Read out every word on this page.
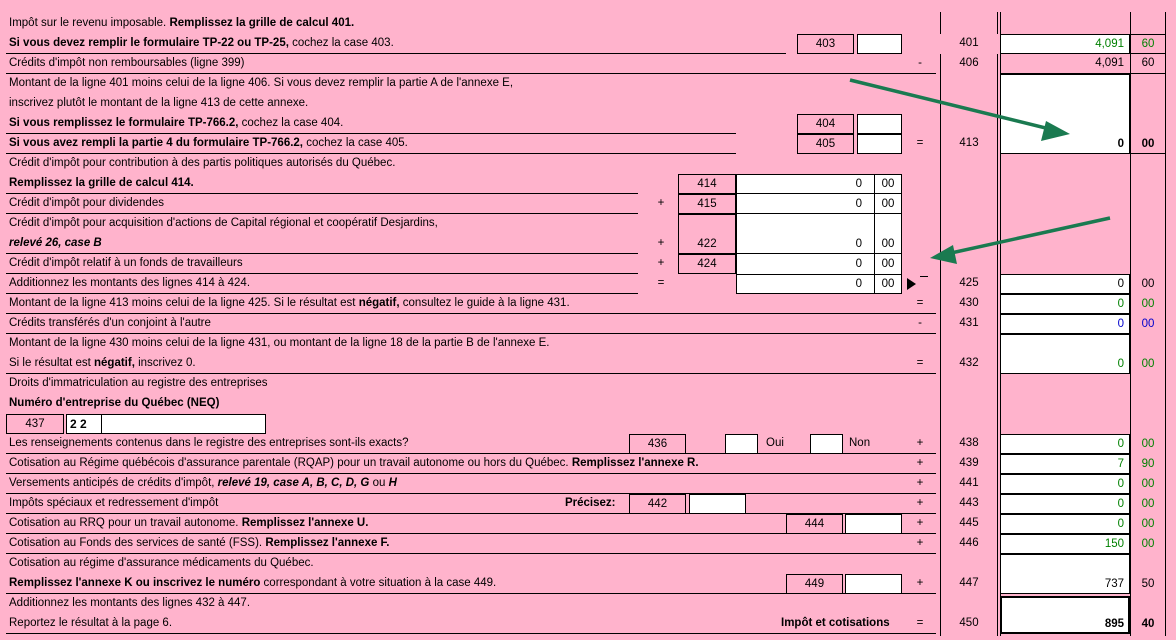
Impôt sur le revenu imposable. Remplissez la grille de calcul 401.
Si vous devez remplir le formulaire TP-22 ou TP-25, cochez la case 403.	403	401	4,091	60
Crédits d'impôt non remboursables (ligne 399)	-	406	4,091	60
Montant de la ligne 401 moins celui de la ligne 406. Si vous devez remplir la partie A de l'annexe E,
inscrivez plutôt le montant de la ligne 413 de cette annexe.
Si vous remplissez le formulaire TP-766.2, cochez la case 404.	404
Si vous avez rempli la partie 4 du formulaire TP-766.2, cochez la case 405.	405	=	413	0	00
Crédit d'impôt pour contribution à des partis politiques autorisés du Québec.
Remplissez la grille de calcul 414.	414	0	00
Crédit d'impôt pour dividendes	+	415	0	00
Crédit d'impôt pour acquisition d'actions de Capital régional et coopératif Desjardins,
relevé 26, case B	+	422	0	00
Crédit d'impôt relatif à un fonds de travailleurs	+	424	0	00
Additionnez les montants des lignes 414 à 424.	=	0	00	425	0	00
Montant de la ligne 413 moins celui de la ligne 425. Si le résultat est négatif, consultez le guide à la ligne 431.	=	430	0	00
Crédits transférés d'un conjoint à l'autre	-	431	0	00
Montant de la ligne 430 moins celui de la ligne 431, ou montant de la ligne 18 de la partie B de l'annexe E.
Si le résultat est négatif, inscrivez 0.	=	432	0	00
Droits d'immatriculation au registre des entreprises
Numéro d'entreprise du Québec (NEQ)
437	2 2
Les renseignements contenus dans le registre des entreprises sont-ils exacts?	436	Oui	Non	+	438	0	00
Cotisation au Régime québécois d'assurance parentale (RQAP) pour un travail autonome ou hors du Québec. Remplissez l'annexe R.	+	439	7	90
Versements anticipés de crédits d'impôt, relevé 19, case A, B, C, D, G ou H	+	441	0	00
Impôts spéciaux et redressement d'impôt	Précisez:	442	+	443	0	00
Cotisation au RRQ pour un travail autonome. Remplissez l'annexe U.	444	+	445	0	00
Cotisation au Fonds des services de santé (FSS). Remplissez l'annexe F.	+	446	150	00
Cotisation au régime d'assurance médicaments du Québec.
Remplissez l'annexe K ou inscrivez le numéro correspondant à votre situation à la case 449.	449	+	447	737	50
Additionnez les montants des lignes 432 à 447.
Reportez le résultat à la page 6.	Impôt et cotisations	=	450	895	40
